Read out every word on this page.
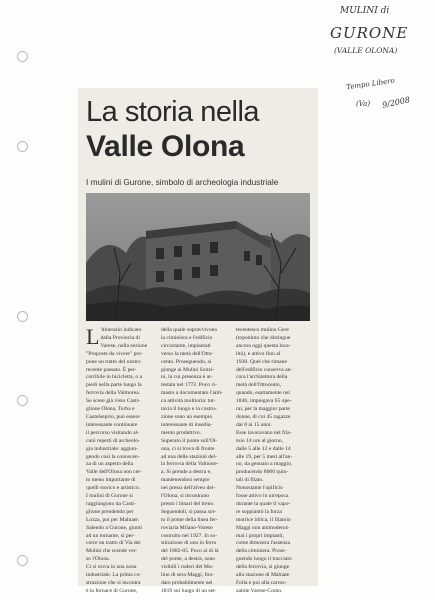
MULINI di
GURONE
(VALLE OLONA)
Tempo Libero
(Va) 9/2008
La storia nella
Valle Olona
I mulini di Gurone, simbolo di archeologia industriale
L 'itinerario indicato
dalla Provincia di
Varese, nella sezione
"Proposte da vivere" pro-
pone un tratto del nostro
recente passato. È per-
corribile in bicicletta, o a
piedi nella parte lungo la
ferrovia della Valmorea.
Se scese già visto Casti-
glione Olona, Torba e
Castelseprio, può essere
interessante continuare
il percorso visitando al-
cuni reperti di archeolo-
gia industriale: aggiun-
gendo così la conoscen-
za di un aspetto della
Valle dell'Olona non cer-
to meno importante di
quelli storico e artistico.
I mulini di Gurone si
raggiungono da Casti-
glione prendendo per
Lozza, poi per Malnate.
Salendo a Gurone, giunti
ad un tornante, si per-
corre un tratto di Via dei
Mulini che scende ver-
so l'Olona.
Ci si trova in una zona
industriale. La prima co-
struzione che si incontra
è la fornace di Gurone,
della quale sopravvivono
la ciminiera e l'edificio
circostante, impiantati
verso la metà dell'Otto-
cento. Proseguendo, si
giunge ai Mulini Sonzi-
ni, la cui presenza è at-
testata nel 1772. Poco ri-
masto a documentare l'anti-
ca attività molitoria: tut-
tavia il luogo e la costru-
zione sono un esempio
interessante di insedia-
mento produttivo.
Superato il ponte sull'Ol-
ona, ci si trova di fronte
ad una delle stazioni del-
la ferrovia della Valmore-
a. Si prende a destra e,
mantenendosi sempre
nei pressi dell'alveo del-
l'Olona, si incontrano
presto i binari del treno.
Seguendoli, si passa sot-
to il ponte della linea fer-
roviaria Milano-Varese
costruito nel 1927. In so-
stituzione di uno in ferro
del 1882-85. Poco al di là
del ponte, a destra, sono
visibili i ruderi del Mu-
lino di sera Maggi, fon-
dato probabilmente nel
1819 sul luogo di un set-
tecentesco mulino Gere
(toponimo che distingue
ancora oggi questa loca-
lità), e attivo fino al
1930. Quel che rimane
dell'edificio conserva an-
cora l'architettura della
metà dell'Ottocento,
quando, esattamente nel
1846, impiegava 65 ope-
rai, per la maggior parte
donne, di cui 45 ragazze
dai 8 ai 15 anni.
Esse lavoravano nel fila-
toio 14 ore al giorno,
dalle 5 alle 12 e dalle 14
alle 19, per 5 mesi all'an-
no, da gennaio a maggio,
producendo 8000 quin-
tali di filato.
Nonostante l'opificio
fosse attivo in un'epoca
durante la quale il vapo-
re soppiantò la forza
motrice idrica, il filatoio
Maggi non ammodernò
mai i propri impianti,
come dimostra l'assenza
della ciminiera. Prose-
guendo lungo il tracciato
della ferrovia, si giunge
alla stazione di Malnate
Folla e poi alla carroz-
zabile Varese-Como.
